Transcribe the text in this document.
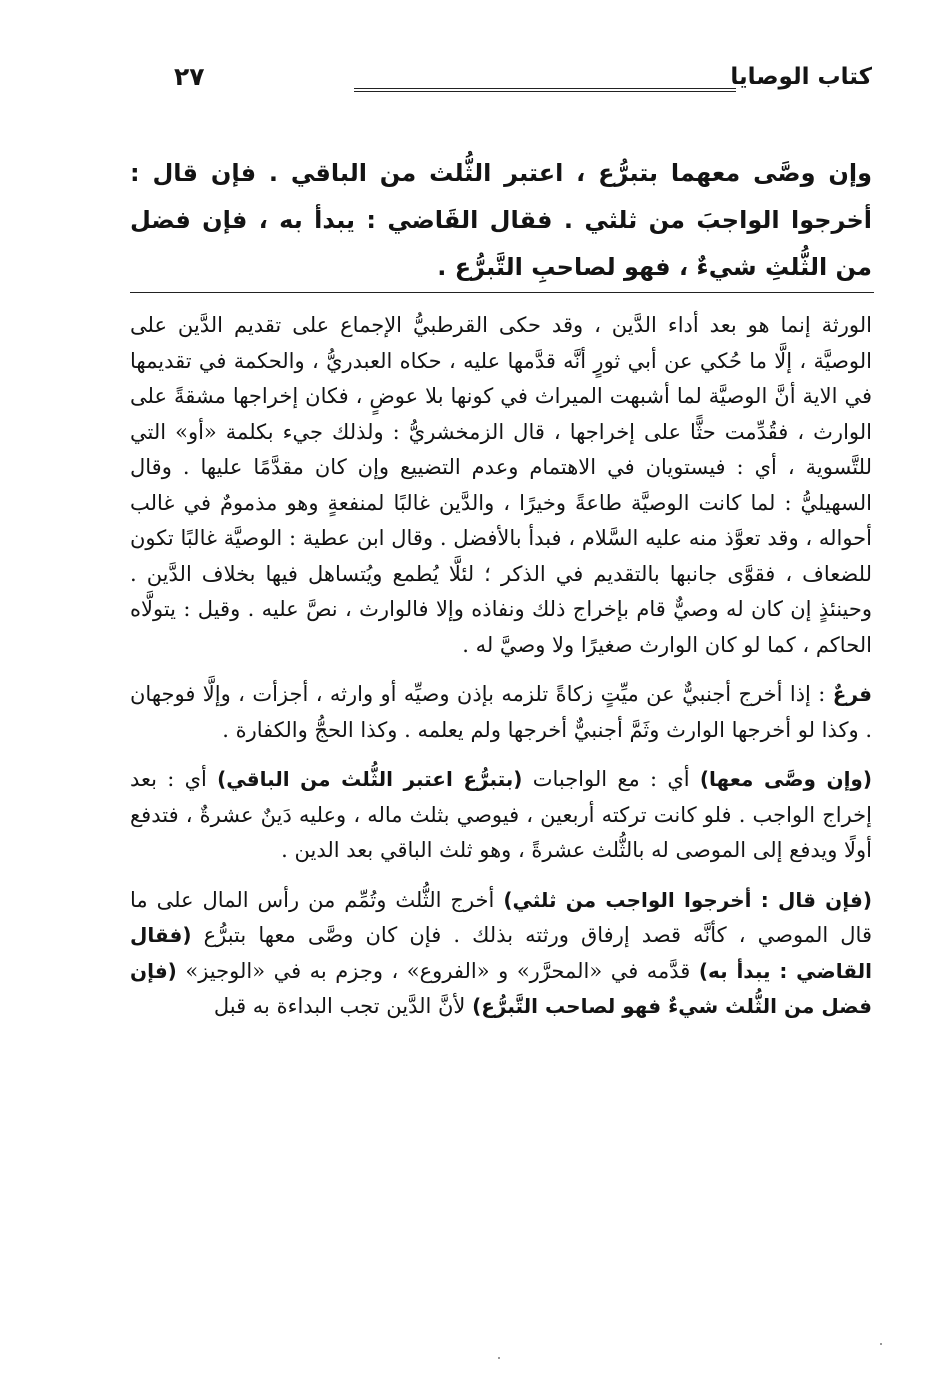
كتاب الوصايا
٢٧
وإن وصَّى معهما بتبرُّع ، اعتبر الثُّلث من الباقي . فإن قال : أخرجوا الواجبَ من ثلثي . فقال القَاضي : يبدأ به ، فإن فضل من الثُّلثِ شيءٌ ، فهو لصاحبِ التَّبرُّع .

الورثة إنما هو بعد أداء الدَّين ، وقد حكى القرطبيُّ الإجماع على تقديم الدَّين على الوصيَّة ، إلَّا ما حُكي عن أبي ثورٍ أنَّه قدَّمها عليه ، حكاه العبدريُّ ، والحكمة في تقديمها في الاية أنَّ الوصيَّة لما أشبهت الميراث في كونها بلا عوضٍ ، فكان إخراجها مشقةً على الوارث ، فقُدِّمت حثًّا على إخراجها ، قال الزمخشريُّ : ولذلك جيء بكلمة «أو» التي للتَّسوية ، أي : فيستويان في الاهتمام وعدم التضييع وإن كان مقدَّمًا عليها . وقال السهيليُّ : لما كانت الوصيَّة طاعةً وخيرًا ، والدَّين غالبًا لمنفعةٍ وهو مذمومٌ في غالب أحواله ، وقد تعوَّذ منه عليه السَّلام ، فبدأ بالأفضل . وقال ابن عطية : الوصيَّة غالبًا تكون للضعاف ، فقوَّى جانبها بالتقديم في الذكر ؛ لئلَّا يُطمع ويُتساهل فيها بخلاف الدَّين . وحينئذٍ إن كان له وصيٌّ قام بإخراج ذلك ونفاذه وإلا فالوارث ، نصَّ عليه . وقيل : يتولَّاه الحاكم ، كما لو كان الوارث صغيرًا ولا وصيَّ له .

فرعٌ : إذا أخرج أجنبيٌّ عن ميِّتٍ زكاةً تلزمه بإذن وصيِّه أو وارثه ، أجزأت ، وإلَّا فوجهان . وكذا لو أخرجها الوارث وثَمَّ أجنبيٌّ أخرجها ولم يعلمه . وكذا الحجُّ والكفارة .

(وإن وصَّى معها) أي : مع الواجبات (بتبرُّع اعتبر الثُّلث من الباقي) أي : بعد إخراج الواجب . فلو كانت تركته أربعين ، فيوصي بثلث ماله ، وعليه دَينٌ عشرةٌ ، فتدفع أولًا ويدفع إلى الموصى له بالثُّلث عشرةً ، وهو ثلث الباقي بعد الدين .

(فإن قال : أخرجوا الواجب من ثلثي) أخرج الثُّلث وتُمِّم من رأس المال على ما قال الموصي ، كأنَّه قصد إرفاق ورثته بذلك . فإن كان وصَّى معها بتبرُّع (فقال القاضي : يبدأ به) قدَّمه في «المحرَّر» و «الفروع» ، وجزم به في «الوجيز» (فإن فضل من الثُّلث شيءٌ فهو لصاحب التَّبرُّع) لأنَّ الدَّين تجب البداءة به قبل
